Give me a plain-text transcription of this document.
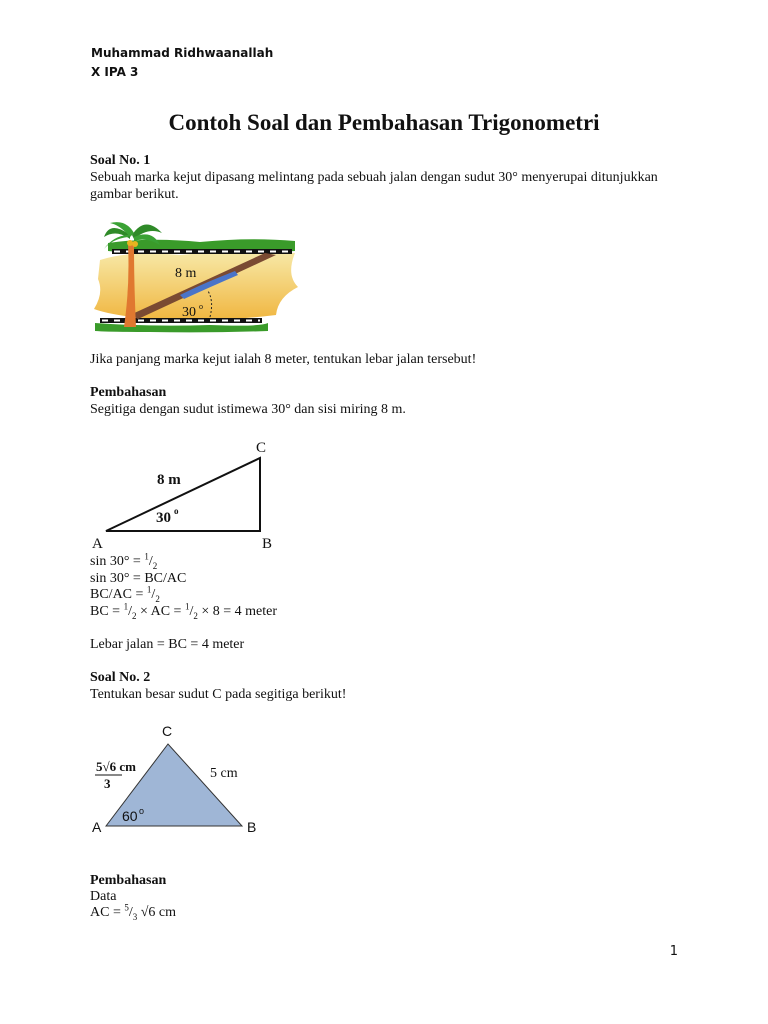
Muhammad Ridhwaanallah
X IPA 3
Contoh Soal dan Pembahasan Trigonometri
Soal No. 1
Sebuah marka kejut dipasang melintang pada sebuah jalan dengan sudut 30° menyerupai ditunjukkan
gambar berikut.
8 m
30 o
Jika panjang marka kejut ialah 8 meter, tentukan lebar jalan tersebut!
Pembahasan
Segitiga dengan sudut istimewa 30° dan sisi miring 8 m.
C
A	B
8 m
30 o
$\sin 30^\circ = ^1/_2$
sin 30° = BC/AC
$BC/AC = ^1/_2$
BC = $^1/_2$ × AC = $^1/_2 \times 8 = 4$ meter
Lebar jalan = BC = 4 meter
Soal No. 2
Tentukan besar sudut C pada segitiga berikut!
C
A	B
5√6 cm
3
5 cm
60 o
Pembahasan
Data
AC = $^5/_3$ √6 cm
1
